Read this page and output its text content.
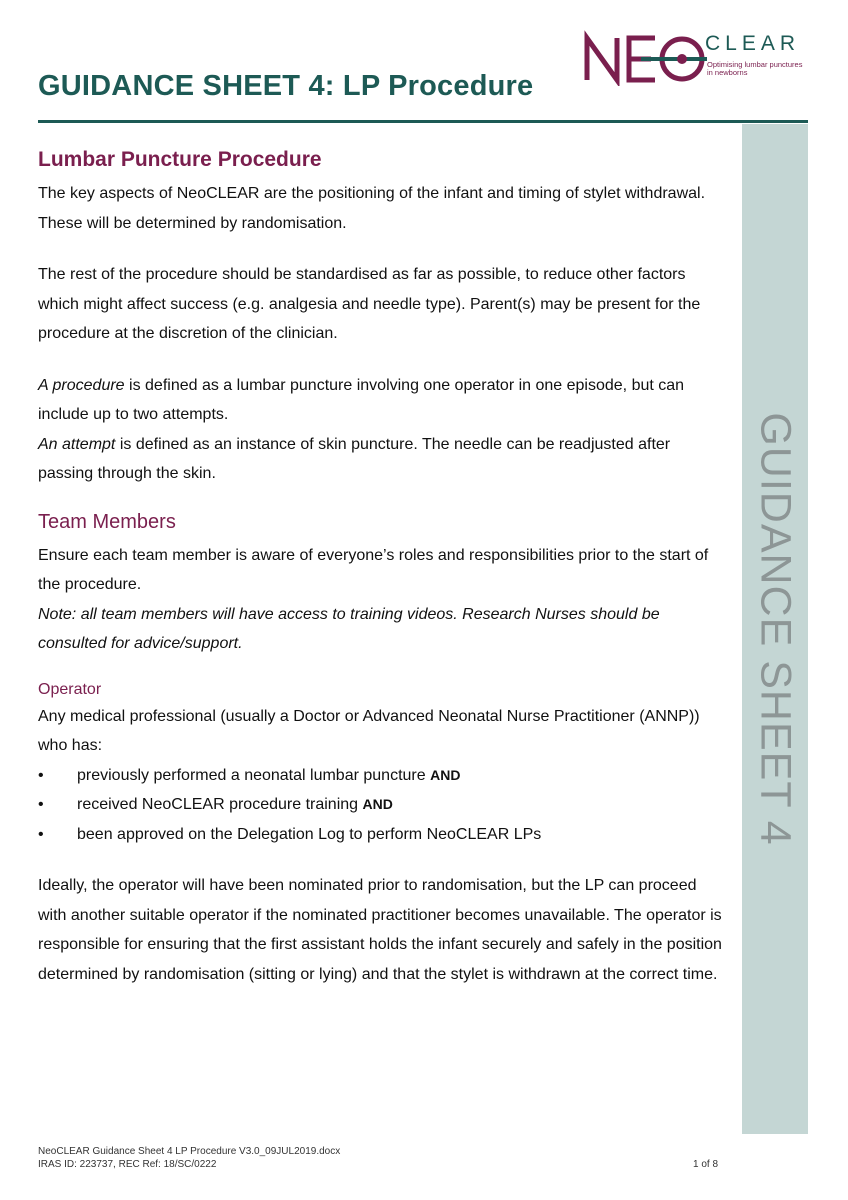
GUIDANCE SHEET 4: LP Procedure
CLEAR
Optimising lumbar punctures
in newborns
GUIDANCE SHEET 4
Lumbar Puncture Procedure

The key aspects of NeoCLEAR are the positioning of the infant and timing of stylet withdrawal. These will be determined by randomisation.

The rest of the procedure should be standardised as far as possible, to reduce other factors which might affect success (e.g. analgesia and needle type). Parent(s) may be present for the procedure at the discretion of the clinician.

A procedure is defined as a lumbar puncture involving one operator in one episode, but can include up to two attempts.

An attempt is defined as an instance of skin puncture. The needle can be readjusted after passing through the skin.

Team Members

Ensure each team member is aware of everyone’s roles and responsibilities prior to the start of the procedure.

Note: all team members will have access to training videos. Research Nurses should be consulted for advice/support.

Operator

Any medical professional (usually a Doctor or Advanced Neonatal Nurse Practitioner (ANNP)) who has:

• previously performed a neonatal lumbar puncture AND
• received NeoCLEAR procedure training AND
• been approved on the Delegation Log to perform NeoCLEAR LPs

Ideally, the operator will have been nominated prior to randomisation, but the LP can proceed with another suitable operator if the nominated practitioner becomes unavailable. The operator is responsible for ensuring that the first assistant holds the infant securely and safely in the position determined by randomisation (sitting or lying) and that the stylet is withdrawn at the correct time.

NeoCLEAR Guidance Sheet 4 LP Procedure V3.0_09JUL2019.docx
IRAS ID: 223737, REC Ref: 18/SC/0222	1 of 8
